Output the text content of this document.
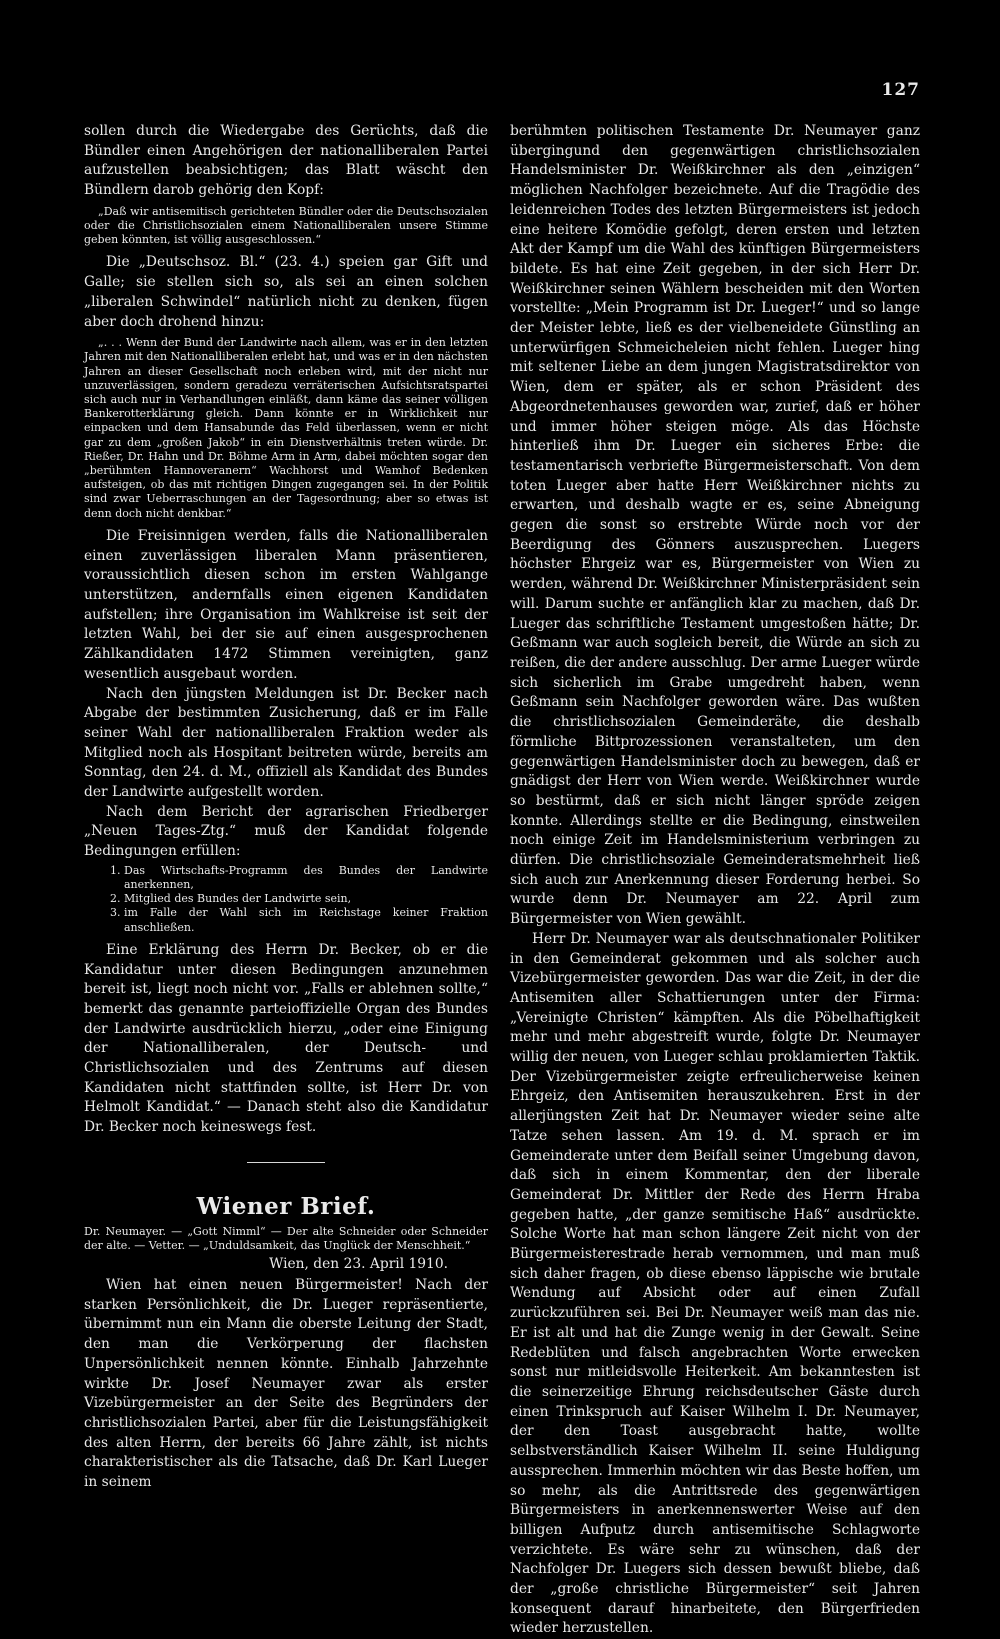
127

sollen durch die Wiedergabe des Gerüchts, daß die Bündler einen Angehörigen der nationalliberalen Partei aufzustellen beabsichtigen; das Blatt wäscht den Bündlern darob gehörig den Kopf:

„Daß wir antisemitisch gerichteten Bündler oder die Deutschsozialen oder die Christlichsozialen einem Nationalliberalen unsere Stimme geben könnten, ist völlig ausgeschlossen.“

Die „Deutschsoz. Bl.“ (23. 4.) speien gar Gift und Galle; sie stellen sich so, als sei an einen solchen „liberalen Schwindel“ natürlich nicht zu denken, fügen aber doch drohend hinzu:

„. . . Wenn der Bund der Landwirte nach allem, was er in den letzten Jahren mit den Nationalliberalen erlebt hat, und was er in den nächsten Jahren an dieser Gesellschaft noch erleben wird, mit der nicht nur unzuverlässigen, sondern geradezu verräterischen Aufsichtsratspartei sich auch nur in Verhandlungen einläßt, dann käme das seiner völligen Bankerotterklärung gleich. Dann könnte er in Wirklichkeit nur einpacken und dem Hansabunde das Feld überlassen, wenn er nicht gar zu dem „großen Jakob“ in ein Dienstverhältnis treten würde. Dr. Rießer, Dr. Hahn und Dr. Böhme Arm in Arm, dabei möchten sogar den „berühmten Hannoveranern“ Wachhorst und Wamhof Bedenken aufsteigen, ob das mit richtigen Dingen zugegangen sei. In der Politik sind zwar Ueberraschungen an der Tagesordnung; aber so etwas ist denn doch nicht denkbar.“

Die Freisinnigen werden, falls die Nationalliberalen einen zuverlässigen liberalen Mann präsentieren, voraussichtlich diesen schon im ersten Wahlgange unterstützen, andernfalls einen eigenen Kandidaten aufstellen; ihre Organisation im Wahlkreise ist seit der letzten Wahl, bei der sie auf einen ausgesprochenen Zählkandidaten 1472 Stimmen vereinigten, ganz wesentlich ausgebaut worden.

Nach den jüngsten Meldungen ist Dr. Becker nach Abgabe der bestimmten Zusicherung, daß er im Falle seiner Wahl der nationalliberalen Fraktion weder als Mitglied noch als Hospitant beitreten würde, bereits am Sonntag, den 24. d. M., offiziell als Kandidat des Bundes der Landwirte aufgestellt worden.

Nach dem Bericht der agrarischen Friedberger „Neuen Tages-Ztg.“ muß der Kandidat folgende Bedingungen erfüllen:

1. Das Wirtschafts-Programm des Bundes der Landwirte anerkennen,
2. Mitglied des Bundes der Landwirte sein,
3. im Falle der Wahl sich im Reichstage keiner Fraktion anschließen.

Eine Erklärung des Herrn Dr. Becker, ob er die Kandidatur unter diesen Bedingungen anzunehmen bereit ist, liegt noch nicht vor. „Falls er ablehnen sollte,“ bemerkt das genannte parteioffizielle Organ des Bundes der Landwirte ausdrücklich hierzu, „oder eine Einigung der Nationalliberalen, der Deutsch- und Christlichsozialen und des Zentrums auf diesen Kandidaten nicht stattfinden sollte, ist Herr Dr. von Helmolt Kandidat.“ — Danach steht also die Kandidatur Dr. Becker noch keineswegs fest.

Wiener Brief.
Dr. Neumayer. — „Gott Nimml“ — Der alte Schneider oder Schneider der alte. — Vetter. — „Unduldsamkeit, das Unglück der Menschheit.“
Wien, den 23. April 1910.

Wien hat einen neuen Bürgermeister! Nach der starken Persönlichkeit, die Dr. Lueger repräsentierte, übernimmt nun ein Mann die oberste Leitung der Stadt, den man die Verkörperung der flachsten Unpersönlichkeit nennen könnte. Einhalb Jahrzehnte wirkte Dr. Josef Neumayer zwar als erster Vizebürgermeister an der Seite des Begründers der christlichsozialen Partei, aber für die Leistungsfähigkeit des alten Herrn, der bereits 66 Jahre zählt, ist nichts charakteristischer als die Tatsache, daß Dr. Karl Lueger in seinem

berühmten politischen Testamente Dr. Neumayer ganz übergingund den gegenwärtigen christlichsozialen Handelsminister Dr. Weißkirchner als den „einzigen“ möglichen Nachfolger bezeichnete. Auf die Tragödie des leidenreichen Todes des letzten Bürgermeisters ist jedoch eine heitere Komödie gefolgt, deren ersten und letzten Akt der Kampf um die Wahl des künftigen Bürgermeisters bildete. Es hat eine Zeit gegeben, in der sich Herr Dr. Weißkirchner seinen Wählern bescheiden mit den Worten vorstellte: „Mein Programm ist Dr. Lueger!“ und so lange der Meister lebte, ließ es der vielbeneidete Günstling an unterwürfigen Schmeicheleien nicht fehlen. Lueger hing mit seltener Liebe an dem jungen Magistratsdirektor von Wien, dem er später, als er schon Präsident des Abgeordnetenhauses geworden war, zurief, daß er höher und immer höher steigen möge. Als das Höchste hinterließ ihm Dr. Lueger ein sicheres Erbe: die testamentarisch verbriefte Bürgermeisterschaft. Von dem toten Lueger aber hatte Herr Weißkirchner nichts zu erwarten, und deshalb wagte er es, seine Abneigung gegen die sonst so erstrebte Würde noch vor der Beerdigung des Gönners auszusprechen. Luegers höchster Ehrgeiz war es, Bürgermeister von Wien zu werden, während Dr. Weißkirchner Ministerpräsident sein will. Darum suchte er anfänglich klar zu machen, daß Dr. Lueger das schriftliche Testament umgestoßen hätte; Dr. Geßmann war auch sogleich bereit, die Würde an sich zu reißen, die der andere ausschlug. Der arme Lueger würde sich sicherlich im Grabe umgedreht haben, wenn Geßmann sein Nachfolger geworden wäre. Das wußten die christlichsozialen Gemeinderäte, die deshalb förmliche Bittprozessionen veranstalteten, um den gegenwärtigen Handelsminister doch zu bewegen, daß er gnädigst der Herr von Wien werde. Weißkirchner wurde so bestürmt, daß er sich nicht länger spröde zeigen konnte. Allerdings stellte er die Bedingung, einstweilen noch einige Zeit im Handelsministerium verbringen zu dürfen. Die christlichsoziale Gemeinderatsmehrheit ließ sich auch zur Anerkennung dieser Forderung herbei. So wurde denn Dr. Neumayer am 22. April zum Bürgermeister von Wien gewählt.

Herr Dr. Neumayer war als deutschnationaler Politiker in den Gemeinderat gekommen und als solcher auch Vizebürgermeister geworden. Das war die Zeit, in der die Antisemiten aller Schattierungen unter der Firma: „Vereinigte Christen“ kämpften. Als die Pöbelhaftigkeit mehr und mehr abgestreift wurde, folgte Dr. Neumayer willig der neuen, von Lueger schlau proklamierten Taktik. Der Vizebürgermeister zeigte erfreulicherweise keinen Ehrgeiz, den Antisemiten herauszukehren. Erst in der allerjüngsten Zeit hat Dr. Neumayer wieder seine alte Tatze sehen lassen. Am 19. d. M. sprach er im Gemeinderate unter dem Beifall seiner Umgebung davon, daß sich in einem Kommentar, den der liberale Gemeinderat Dr. Mittler der Rede des Herrn Hraba gegeben hatte, „der ganze semitische Haß“ ausdrückte. Solche Worte hat man schon längere Zeit nicht von der Bürgermeisterestrade herab vernommen, und man muß sich daher fragen, ob diese ebenso läppische wie brutale Wendung auf Absicht oder auf einen Zufall zurückzuführen sei. Bei Dr. Neumayer weiß man das nie. Er ist alt und hat die Zunge wenig in der Gewalt. Seine Redeblüten und falsch angebrachten Worte erwecken sonst nur mitleidsvolle Heiterkeit. Am bekanntesten ist die seinerzeitige Ehrung reichsdeutscher Gäste durch einen Trinkspruch auf Kaiser Wilhelm I. Dr. Neumayer, der den Toast ausgebracht hatte, wollte selbstverständlich Kaiser Wilhelm II. seine Huldigung aussprechen. Immerhin möchten wir das Beste hoffen, um so mehr, als die Antrittsrede des gegenwärtigen Bürgermeisters in anerkennenswerter Weise auf den billigen Aufputz durch antisemitische Schlagworte verzichtete. Es wäre sehr zu wünschen, daß der Nachfolger Dr. Luegers sich dessen bewußt bliebe, daß der „große christliche Bürgermeister“ seit Jahren konsequent darauf hinarbeitete, den Bürgerfrieden wieder herzustellen.
